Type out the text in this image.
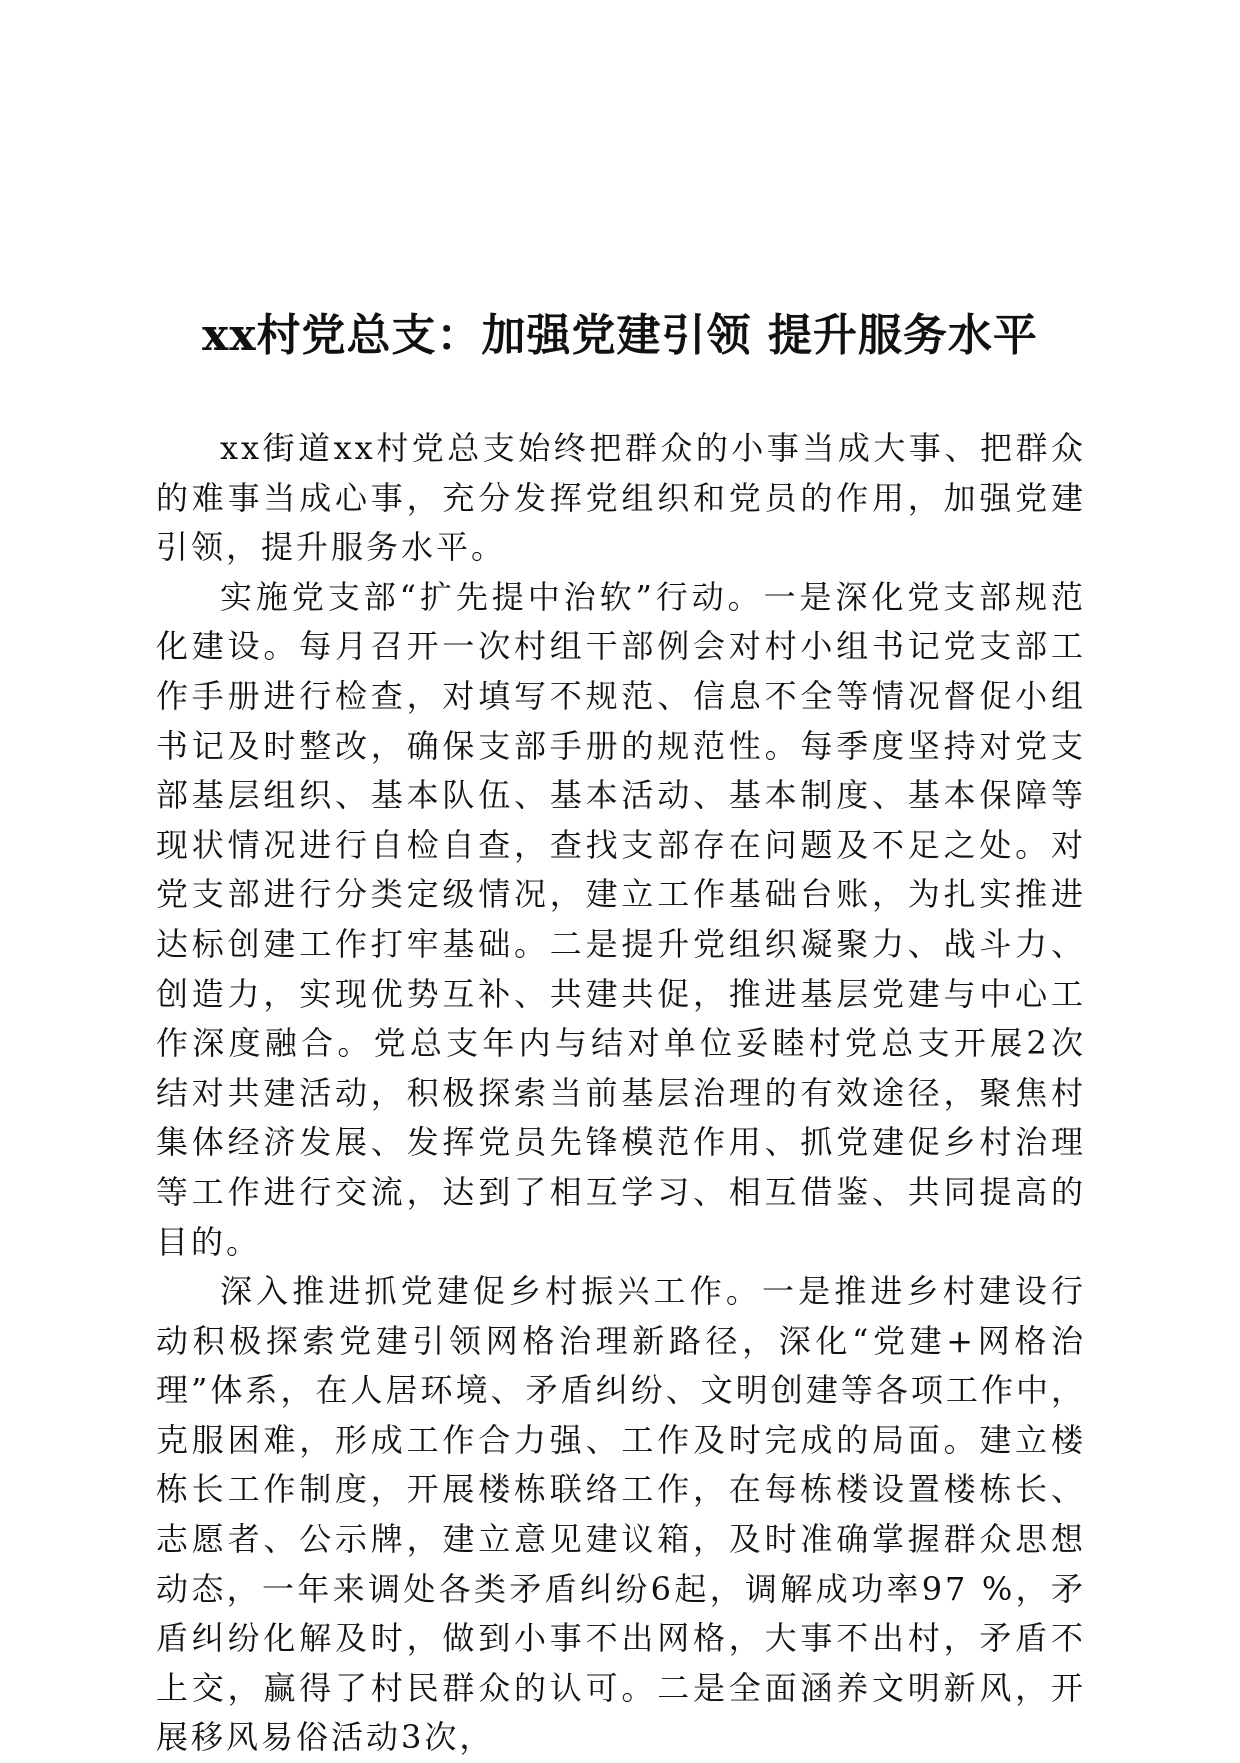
xx村党总支：加强党建引领 提升服务水平

xx街道xx村党总支始终把群众的小事当成大事、把群众的难事当成心事，充分发挥党组织和党员的作用，加强党建引领，提升服务水平。

实施党支部“扩先提中治软”行动。一是深化党支部规范化建设。每月召开一次村组干部例会对村小组书记党支部工作手册进行检查，对填写不规范、信息不全等情况督促小组书记及时整改，确保支部手册的规范性。每季度坚持对党支部基层组织、基本队伍、基本活动、基本制度、基本保障等现状情况进行自检自查，查找支部存在问题及不足之处。对党支部进行分类定级情况，建立工作基础台账，为扎实推进达标创建工作打牢基础。二是提升党组织凝聚力、战斗力、创造力，实现优势互补、共建共促，推进基层党建与中心工作深度融合。党总支年内与结对单位妥睦村党总支开展2次结对共建活动，积极探索当前基层治理的有效途径，聚焦村集体经济发展、发挥党员先锋模范作用、抓党建促乡村治理等工作进行交流，达到了相互学习、相互借鉴、共同提高的目的。

深入推进抓党建促乡村振兴工作。一是推进乡村建设行动积极探索党建引领网格治理新路径，深化“党建+网格治理”体系，在人居环境、矛盾纠纷、文明创建等各项工作中，克服困难，形成工作合力强、工作及时完成的局面。建立楼栋长工作制度，开展楼栋联络工作，在每栋楼设置楼栋长、志愿者、公示牌，建立意见建议箱，及时准确掌握群众思想动态，一年来调处各类矛盾纠纷6起，调解成功率97 %，矛盾纠纷化解及时，做到小事不出网格，大事不出村，矛盾不上交，赢得了村民群众的认可。二是全面涵养文明新风，开展移风易俗活动3次，
